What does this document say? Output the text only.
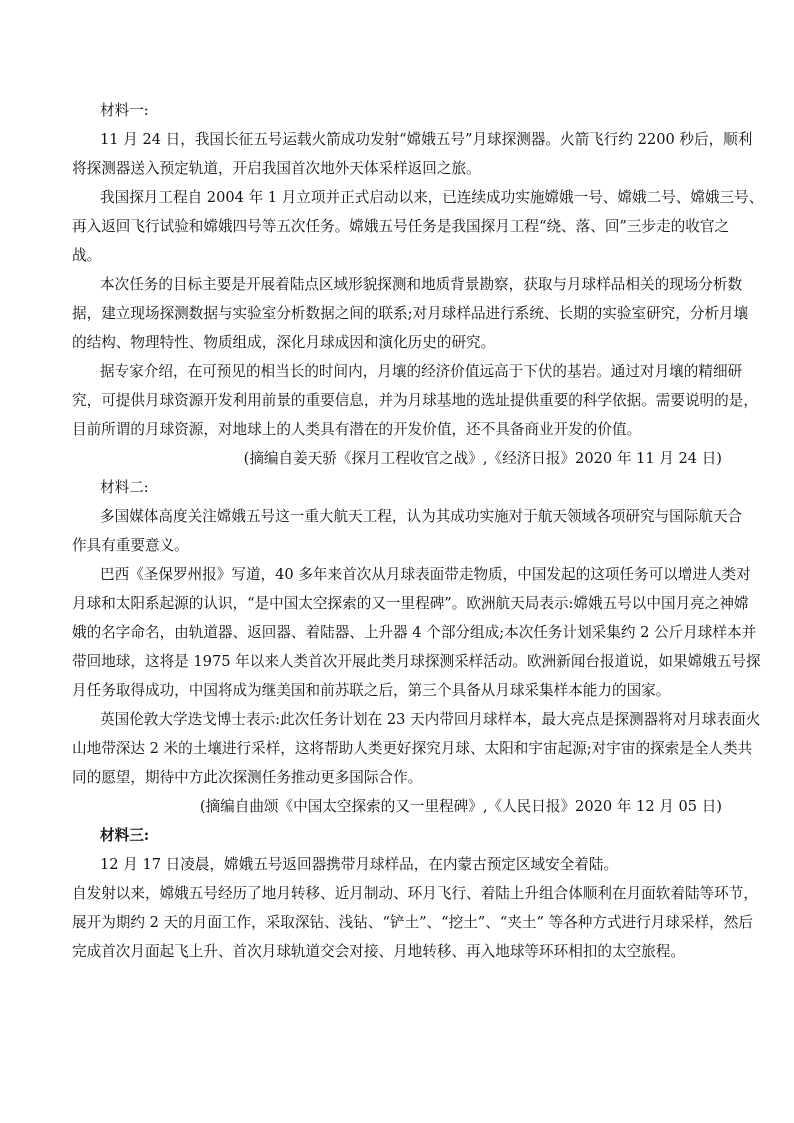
材料一:
11 月 24 日，我国长征五号运载火箭成功发射“嫦娥五号”月球探测器。火箭飞行约 2200 秒后，顺利
将探测器送入预定轨道，开启我国首次地外天体采样返回之旅。
我国探月工程自 2004 年 1 月立项并正式启动以来，已连续成功实施嫦娥一号、嫦娥二号、嫦娥三号、
再入返回飞行试验和嫦娥四号等五次任务。嫦娥五号任务是我国探月工程“绕、落、回”三步走的收官之
战。
本次任务的目标主要是开展着陆点区域形貌探测和地质背景勘察，获取与月球样品相关的现场分析数
据，建立现场探测数据与实验室分析数据之间的联系;对月球样品进行系统、长期的实验室研究，分析月壤
的结构、物理特性、物质组成，深化月球成因和演化历史的研究。
据专家介绍，在可预见的相当长的时间内，月壤的经济价值远高于下伏的基岩。通过对月壤的精细研
究，可提供月球资源开发利用前景的重要信息，并为月球基地的选址提供重要的科学依据。需要说明的是，
目前所谓的月球资源，对地球上的人类具有潜在的开发价值，还不具备商业开发的价值。
(摘编自姜天骄《探月工程收官之战》,《经济日报》2020 年 11 月 24 日)
材料二:
多国媒体高度关注嫦娥五号这一重大航天工程，认为其成功实施对于航天领域各项研究与国际航天合
作具有重要意义。
巴西《圣保罗州报》写道，40 多年来首次从月球表面带走物质，中国发起的这项任务可以增进人类对
月球和太阳系起源的认识，“是中国太空探索的又一里程碑”。欧洲航天局表示:嫦娥五号以中国月亮之神嫦
娥的名字命名，由轨道器、返回器、着陆器、上升器 4 个部分组成;本次任务计划采集约 2 公斤月球样本并
带回地球，这将是 1975 年以来人类首次开展此类月球探测采样活动。欧洲新闻台报道说，如果嫦娥五号探
月任务取得成功，中国将成为继美国和前苏联之后，第三个具备从月球采集样本能力的国家。
英国伦敦大学迭戈博士表示:此次任务计划在 23 天内带回月球样本，最大亮点是探测器将对月球表面火
山地带深达 2 米的土壤进行采样，这将帮助人类更好探究月球、太阳和宇宙起源;对宇宙的探索是全人类共
同的愿望，期待中方此次探测任务推动更多国际合作。
(摘编自曲颂《中国太空探索的又一里程碑》,《人民日报》2020 年 12 月 05 日)
材料三:
12 月 17 日凌晨，嫦娥五号返回器携带月球样品，在内蒙古预定区域安全着陆。
自发射以来，嫦娥五号经历了地月转移、近月制动、环月飞行、着陆上升组合体顺利在月面软着陆等环节，
展开为期约 2 天的月面工作，采取深钻、浅钻、“铲土”、“挖土”、“夹土” 等各种方式进行月球采样，然后
完成首次月面起飞上升、首次月球轨道交会对接、月地转移、再入地球等环环相扣的太空旅程。
